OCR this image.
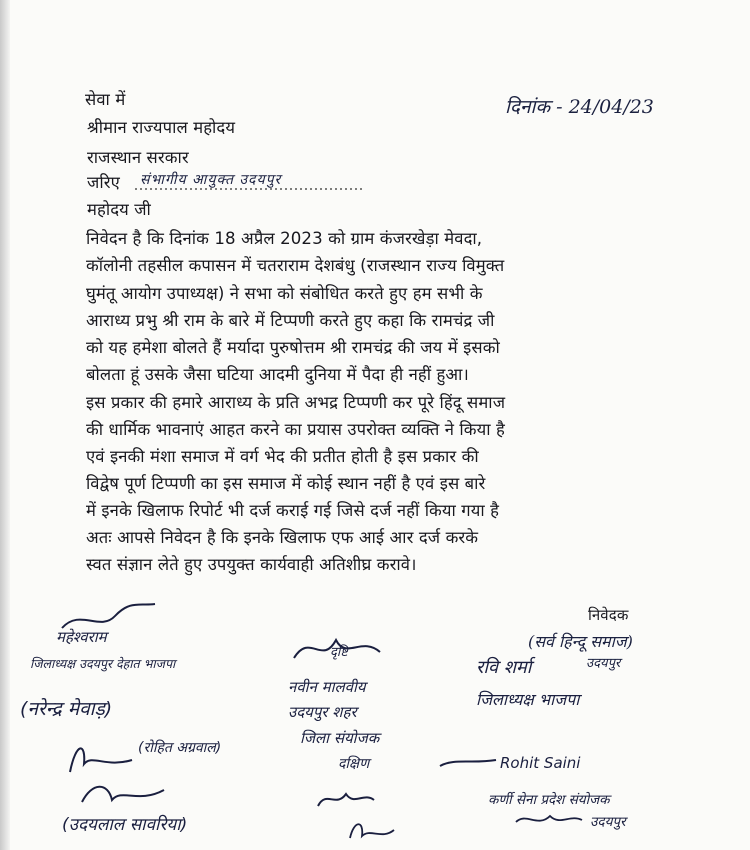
सेवा में	दिनांक - 24/04/23
श्रीमान राज्यपाल महोदय
राजस्थान सरकार
जरिए संभागीय आयुक्त उदयपुर
महोदय जी
निवेदन है कि दिनांक 18 अप्रैल 2023 को ग्राम कंजरखेड़ा मेवदा,
कॉलोनी तहसील कपासन में चतराराम देशबंधु (राजस्थान राज्य विमुक्त
घुमंतू आयोग उपाध्यक्ष) ने सभा को संबोधित करते हुए हम सभी के
आराध्य प्रभु श्री राम के बारे में टिप्पणी करते हुए कहा कि रामचंद्र जी
को यह हमेशा बोलते हैं मर्यादा पुरुषोत्तम श्री रामचंद्र की जय में इसको
बोलता हूं उसके जैसा घटिया आदमी दुनिया में पैदा ही नहीं हुआ।
इस प्रकार की हमारे आराध्य के प्रति अभद्र टिप्पणी कर पूरे हिंदू समाज
की धार्मिक भावनाएं आहत करने का प्रयास उपरोक्त व्यक्ति ने किया है
एवं इनकी मंशा समाज में वर्ग भेद की प्रतीत होती है इस प्रकार की
विद्वेष पूर्ण टिप्पणी का इस समाज में कोई स्थान नहीं है एवं इस बारे
में इनके खिलाफ रिपोर्ट भी दर्ज कराई गई जिसे दर्ज नहीं किया गया है
अतः आपसे निवेदन है कि इनके खिलाफ एफ आई आर दर्ज करके
स्वत संज्ञान लेते हुए उपयुक्त कार्यवाही अतिशीघ्र करावे।
निवेदक
(सर्व हिन्दू समाज)
उदयपुर
महेश्वराम
जिलाध्यक्ष उदयपुर देहात भाजपा
(नरेन्द्र मेवाड़)
(रोहित अग्रवाल)
(उदयलाल सावरिया)
दृष्टि
नवीन मालवीय
उदयपुर शहर
जिला संयोजक
दक्षिण
रवि शर्मा
जिलाध्यक्ष भाजपा
Rohit Saini
कर्णी सेना प्रदेश संयोजक
उदयपुर
